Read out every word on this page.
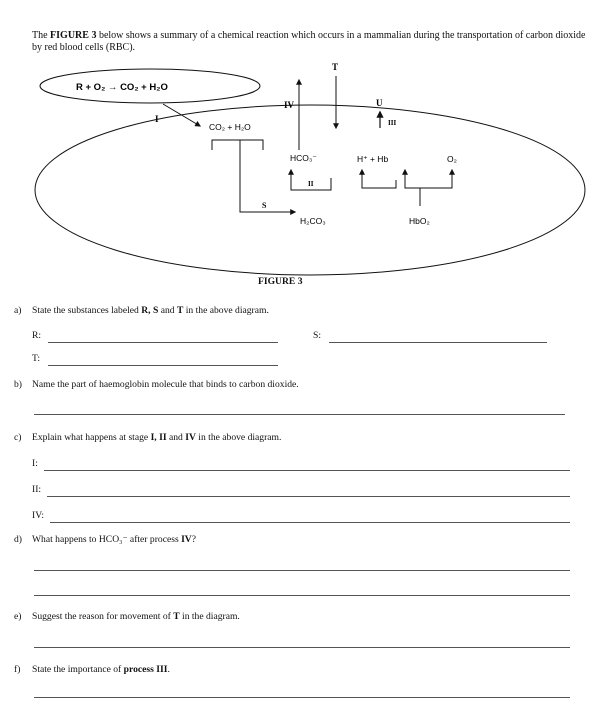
The FIGURE 3 below shows a summary of a chemical reaction which occurs in a mammalian during the transportation of carbon dioxide by red blood cells (RBC).
R + O₂ → CO₂ + H₂O
I
CO₂ + H₂O
S
IV
T
HCO₃⁻
II
H₂CO₃
U
III
H⁺ + Hb	O₂
HbO₂
FIGURE 3
a) State the substances labeled R, S and T in the above diagram.
R:	S:
T:
b) Name the part of haemoglobin molecule that binds to carbon dioxide.
c) Explain what happens at stage I, II and IV in the above diagram.
I:
II:
IV:
d) What happens to HCO₃⁻ after process IV?
e) Suggest the reason for movement of T in the diagram.
f) State the importance of process III.
